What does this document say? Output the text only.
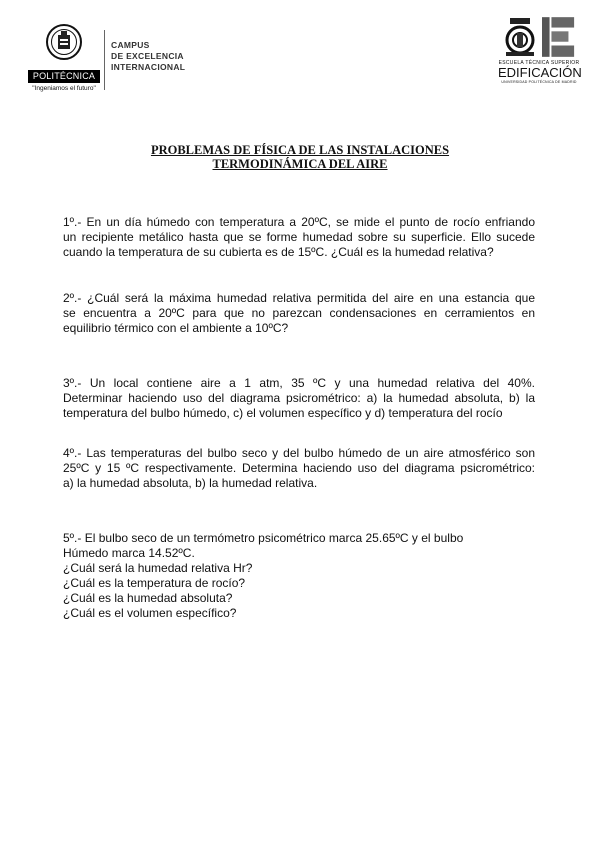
POLITÉCNICA
"Ingeniamos el futuro"
CAMPUS
DE EXCELENCIA
INTERNACIONAL	ESCUELA TÉCNICA SUPERIOR
EDIFICACIÓN
UNIVERSIDAD POLITÉCNICA DE MADRID
PROBLEMAS DE FÍSICA DE LAS INSTALACIONES
TERMODINÁMICA DEL AIRE
1º.- En un día húmedo con temperatura a 20ºC, se mide el punto de rocío enfriando
un recipiente metálico hasta que se forme humedad sobre su superficie. Ello sucede
cuando la temperatura de su cubierta es de 15ºC. ¿Cuál es la humedad relativa?
2º.- ¿Cuál será la máxima humedad relativa permitida del aire en una estancia que
se encuentra a 20ºC para que no parezcan condensaciones en cerramientos en
equilibrio térmico con el ambiente a 10ºC?
3º.- Un local contiene aire a 1 atm, 35 ºC y una humedad relativa del 40%.
Determinar haciendo uso del diagrama psicrométrico: a) la humedad absoluta, b) la
temperatura del bulbo húmedo, c) el volumen específico y d) temperatura del rocío
4º.- Las temperaturas del bulbo seco y del bulbo húmedo de un aire atmosférico son
25ºC y 15 ºC respectivamente. Determina haciendo uso del diagrama psicrométrico:
a) la humedad absoluta, b) la humedad relativa.
5º.- El bulbo seco de un termómetro psicométrico marca 25.65ºC y el bulbo
Húmedo marca 14.52ºC.
¿Cuál será la humedad relativa Hr?
¿Cuál es la temperatura de rocío?
¿Cuál es la humedad absoluta?
¿Cuál es el volumen específico?
